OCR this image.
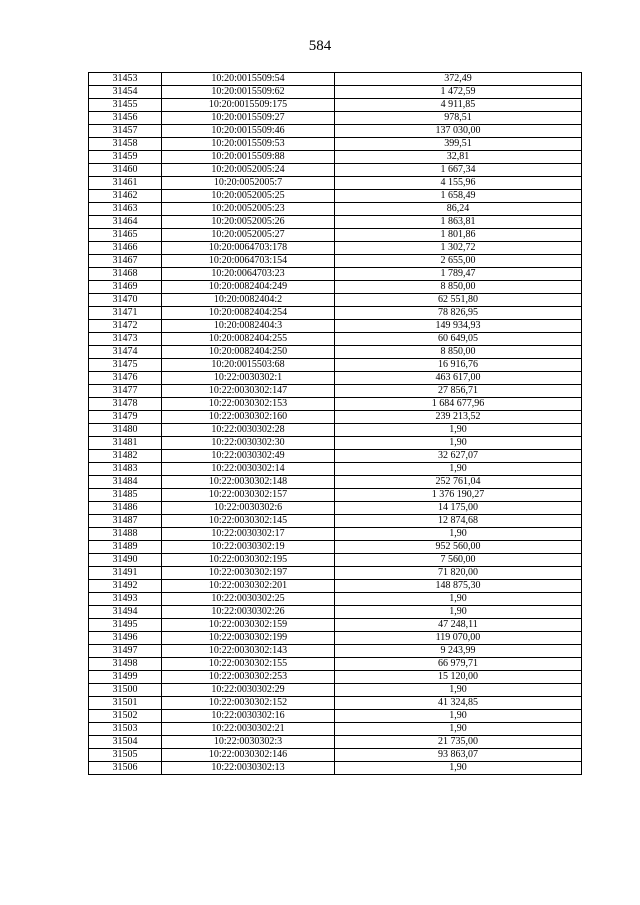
584
31453	10:20:0015509:54	372,49
31454	10:20:0015509:62	1 472,59
31455	10:20:0015509:175	4 911,85
31456	10:20:0015509:27	978,51
31457	10:20:0015509:46	137 030,00
31458	10:20:0015509:53	399,51
31459	10:20:0015509:88	32,81
31460	10:20:0052005:24	1 667,34
31461	10:20:0052005:7	4 155,96
31462	10:20:0052005:25	1 658,49
31463	10:20:0052005:23	86,24
31464	10:20:0052005:26	1 863,81
31465	10:20:0052005:27	1 801,86
31466	10:20:0064703:178	1 302,72
31467	10:20:0064703:154	2 655,00
31468	10:20:0064703:23	1 789,47
31469	10:20:0082404:249	8 850,00
31470	10:20:0082404:2	62 551,80
31471	10:20:0082404:254	78 826,95
31472	10:20:0082404:3	149 934,93
31473	10:20:0082404:255	60 649,05
31474	10:20:0082404:250	8 850,00
31475	10:20:0015503:68	16 916,76
31476	10:22:0030302:1	463 617,00
31477	10:22:0030302:147	27 856,71
31478	10:22:0030302:153	1 684 677,96
31479	10:22:0030302:160	239 213,52
31480	10:22:0030302:28	1,90
31481	10:22:0030302:30	1,90
31482	10:22:0030302:49	32 627,07
31483	10:22:0030302:14	1,90
31484	10:22:0030302:148	252 761,04
31485	10:22:0030302:157	1 376 190,27
31486	10:22:0030302:6	14 175,00
31487	10:22:0030302:145	12 874,68
31488	10:22:0030302:17	1,90
31489	10:22:0030302:19	952 560,00
31490	10:22:0030302:195	7 560,00
31491	10:22:0030302:197	71 820,00
31492	10:22:0030302:201	148 875,30
31493	10:22:0030302:25	1,90
31494	10:22:0030302:26	1,90
31495	10:22:0030302:159	47 248,11
31496	10:22:0030302:199	119 070,00
31497	10:22:0030302:143	9 243,99
31498	10:22:0030302:155	66 979,71
31499	10:22:0030302:253	15 120,00
31500	10:22:0030302:29	1,90
31501	10:22:0030302:152	41 324,85
31502	10:22:0030302:16	1,90
31503	10:22:0030302:21	1,90
31504	10:22:0030302:3	21 735,00
31505	10:22:0030302:146	93 863,07
31506	10:22:0030302:13	1,90
